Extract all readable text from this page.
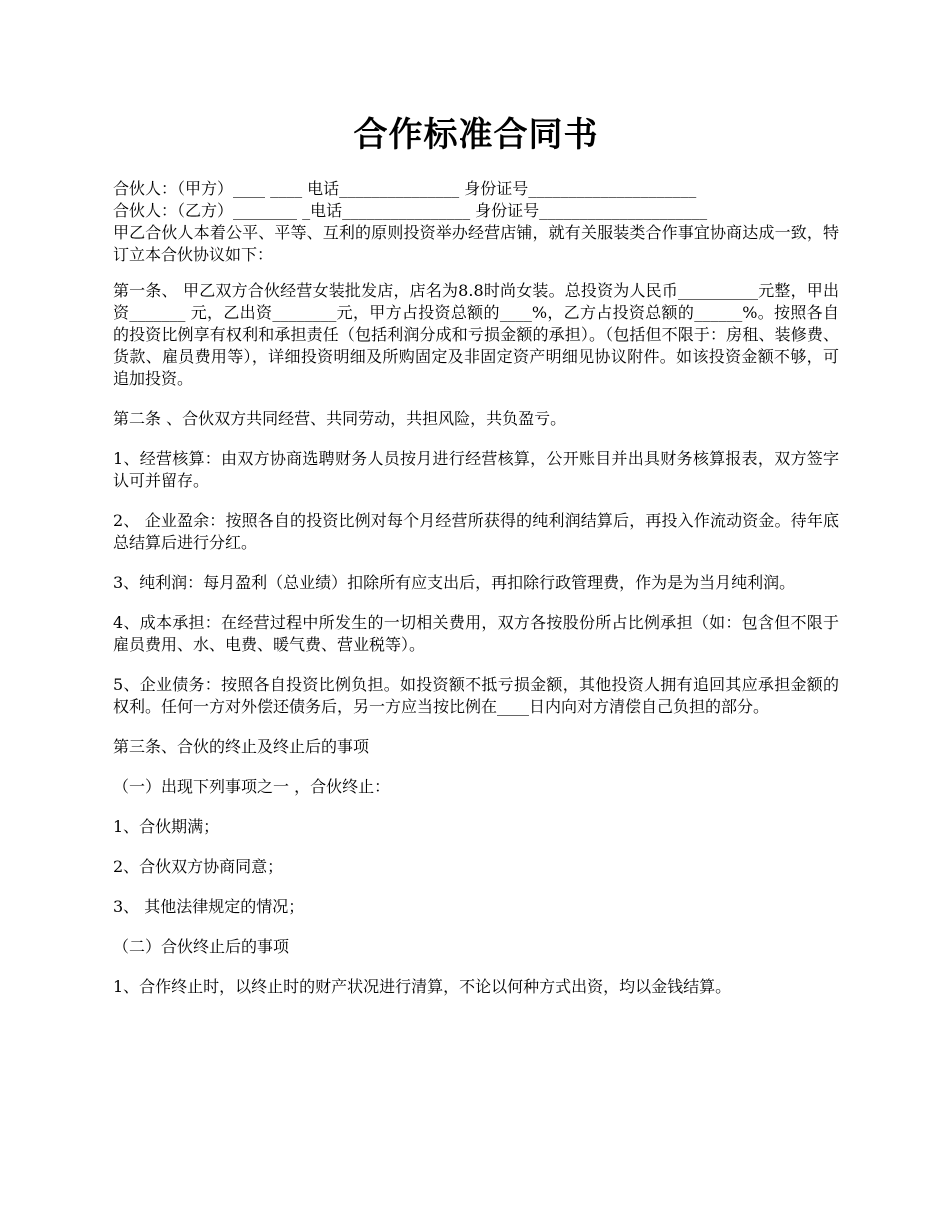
合作标准合同书

合伙人：（甲方）____ ____ 电话_______________ 身份证号_____________________

合伙人：（乙方）________ _电话________________ 身份证号_____________________

甲乙合伙人本着公平、平等、互利的原则投资举办经营店铺，就有关服装类合作事宜协商达成一致，特订立本合伙协议如下：

第一条、 甲乙双方合伙经营女装批发店，店名为8.8时尚女装。总投资为人民币__________元整，甲出资_______ 元，乙出资________元，甲方占投资总额的____%，乙方占投资总额的______%。按照各自的投资比例享有权利和承担责任（包括利润分成和亏损金额的承担）。（包括但不限于：房租、装修费、货款、雇员费用等），详细投资明细及所购固定及非固定资产明细见协议附件。如该投资金额不够，可追加投资。

第二条 、合伙双方共同经营、共同劳动，共担风险，共负盈亏。

1、经营核算：由双方协商选聘财务人员按月进行经营核算，公开账目并出具财务核算报表，双方签字认可并留存。

2、 企业盈余：按照各自的投资比例对每个月经营所获得的纯利润结算后，再投入作流动资金。待年底总结算后进行分红。

3、纯利润：每月盈利（总业绩）扣除所有应支出后，再扣除行政管理费，作为是为当月纯利润。

4、成本承担：在经营过程中所发生的一切相关费用，双方各按股份所占比例承担（如：包含但不限于雇员费用、水、电费、暖气费、营业税等）。

5、企业债务：按照各自投资比例负担。如投资额不抵亏损金额，其他投资人拥有追回其应承担金额的权利。任何一方对外偿还债务后，另一方应当按比例在____日内向对方清偿自己负担的部分。

第三条、合伙的终止及终止后的事项

（一）出现下列事项之一 ，合伙终止：

1、合伙期满；

2、合伙双方协商同意；

3、 其他法律规定的情况；

（二）合伙终止后的事项

1、合作终止时，以终止时的财产状况进行清算，不论以何种方式出资，均以金钱结算。
